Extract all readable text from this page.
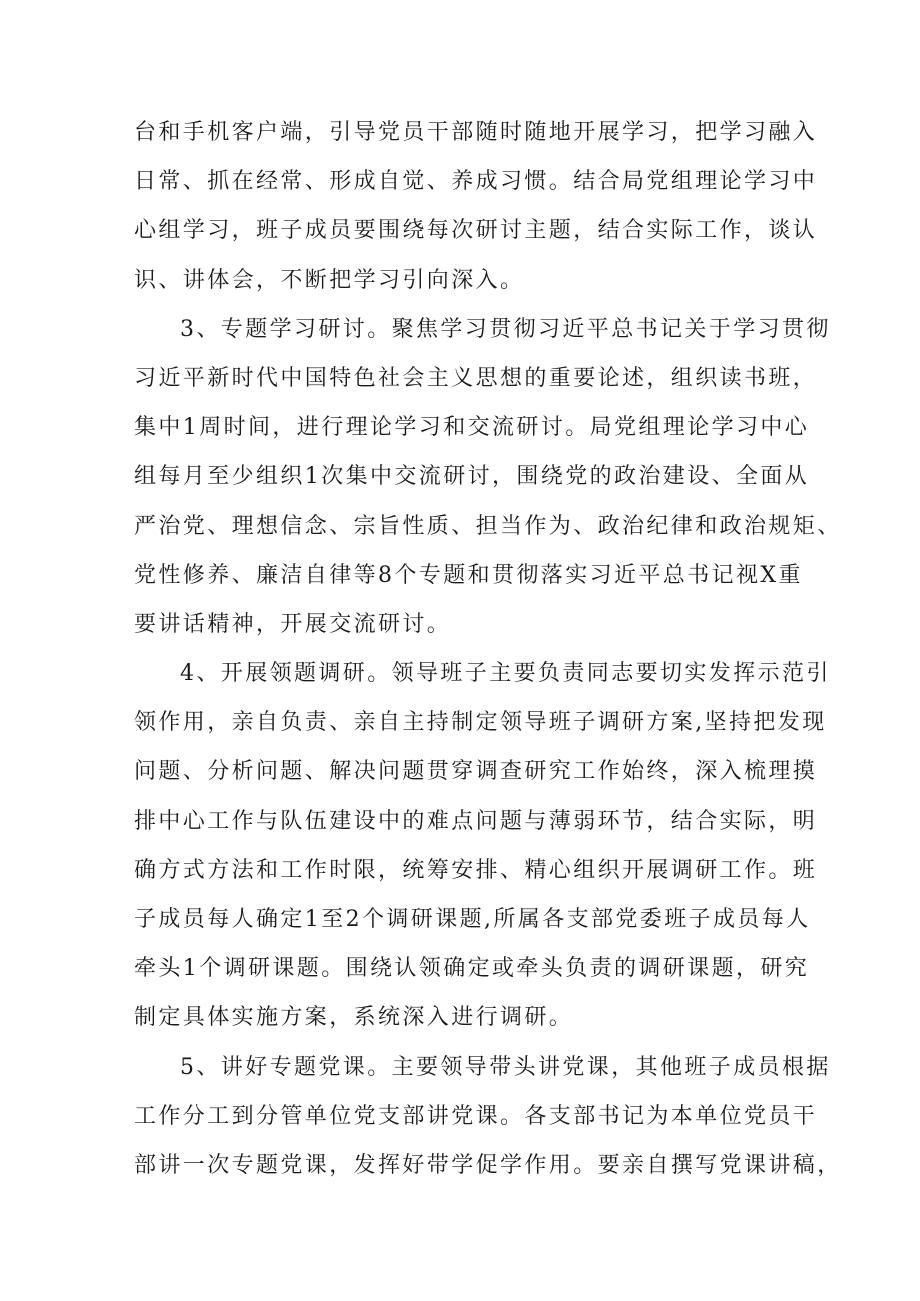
台和手机客户端，引导党员干部随时随地开展学习，把学习融入
日常、抓在经常、形成自觉、养成习惯。结合局党组理论学习中
心组学习，班子成员要围绕每次研讨主题，结合实际工作，谈认
识、讲体会，不断把学习引向深入。
3、专题学习研讨。聚焦学习贯彻习近平总书记关于学习贯彻
习近平新时代中国特色社会主义思想的重要论述，组织读书班，
集中1周时间，进行理论学习和交流研讨。局党组理论学习中心
组每月至少组织1次集中交流研讨，围绕党的政治建设、全面从
严治党、理想信念、宗旨性质、担当作为、政治纪律和政治规矩、
党性修养、廉洁自律等8个专题和贯彻落实习近平总书记视X重
要讲话精神，开展交流研讨。
4、开展领题调研。领导班子主要负责同志要切实发挥示范引
领作用，亲自负责、亲自主持制定领导班子调研方案,坚持把发现
问题、分析问题、解决问题贯穿调查研究工作始终，深入梳理摸
排中心工作与队伍建设中的难点问题与薄弱环节，结合实际，明
确方式方法和工作时限，统筹安排、精心组织开展调研工作。班
子成员每人确定1至2个调研课题,所属各支部党委班子成员每人
牵头1个调研课题。围绕认领确定或牵头负责的调研课题，研究
制定具体实施方案，系统深入进行调研。
5、讲好专题党课。主要领导带头讲党课，其他班子成员根据
工作分工到分管单位党支部讲党课。各支部书记为本单位党员干
部讲一次专题党课，发挥好带学促学作用。要亲自撰写党课讲稿，
